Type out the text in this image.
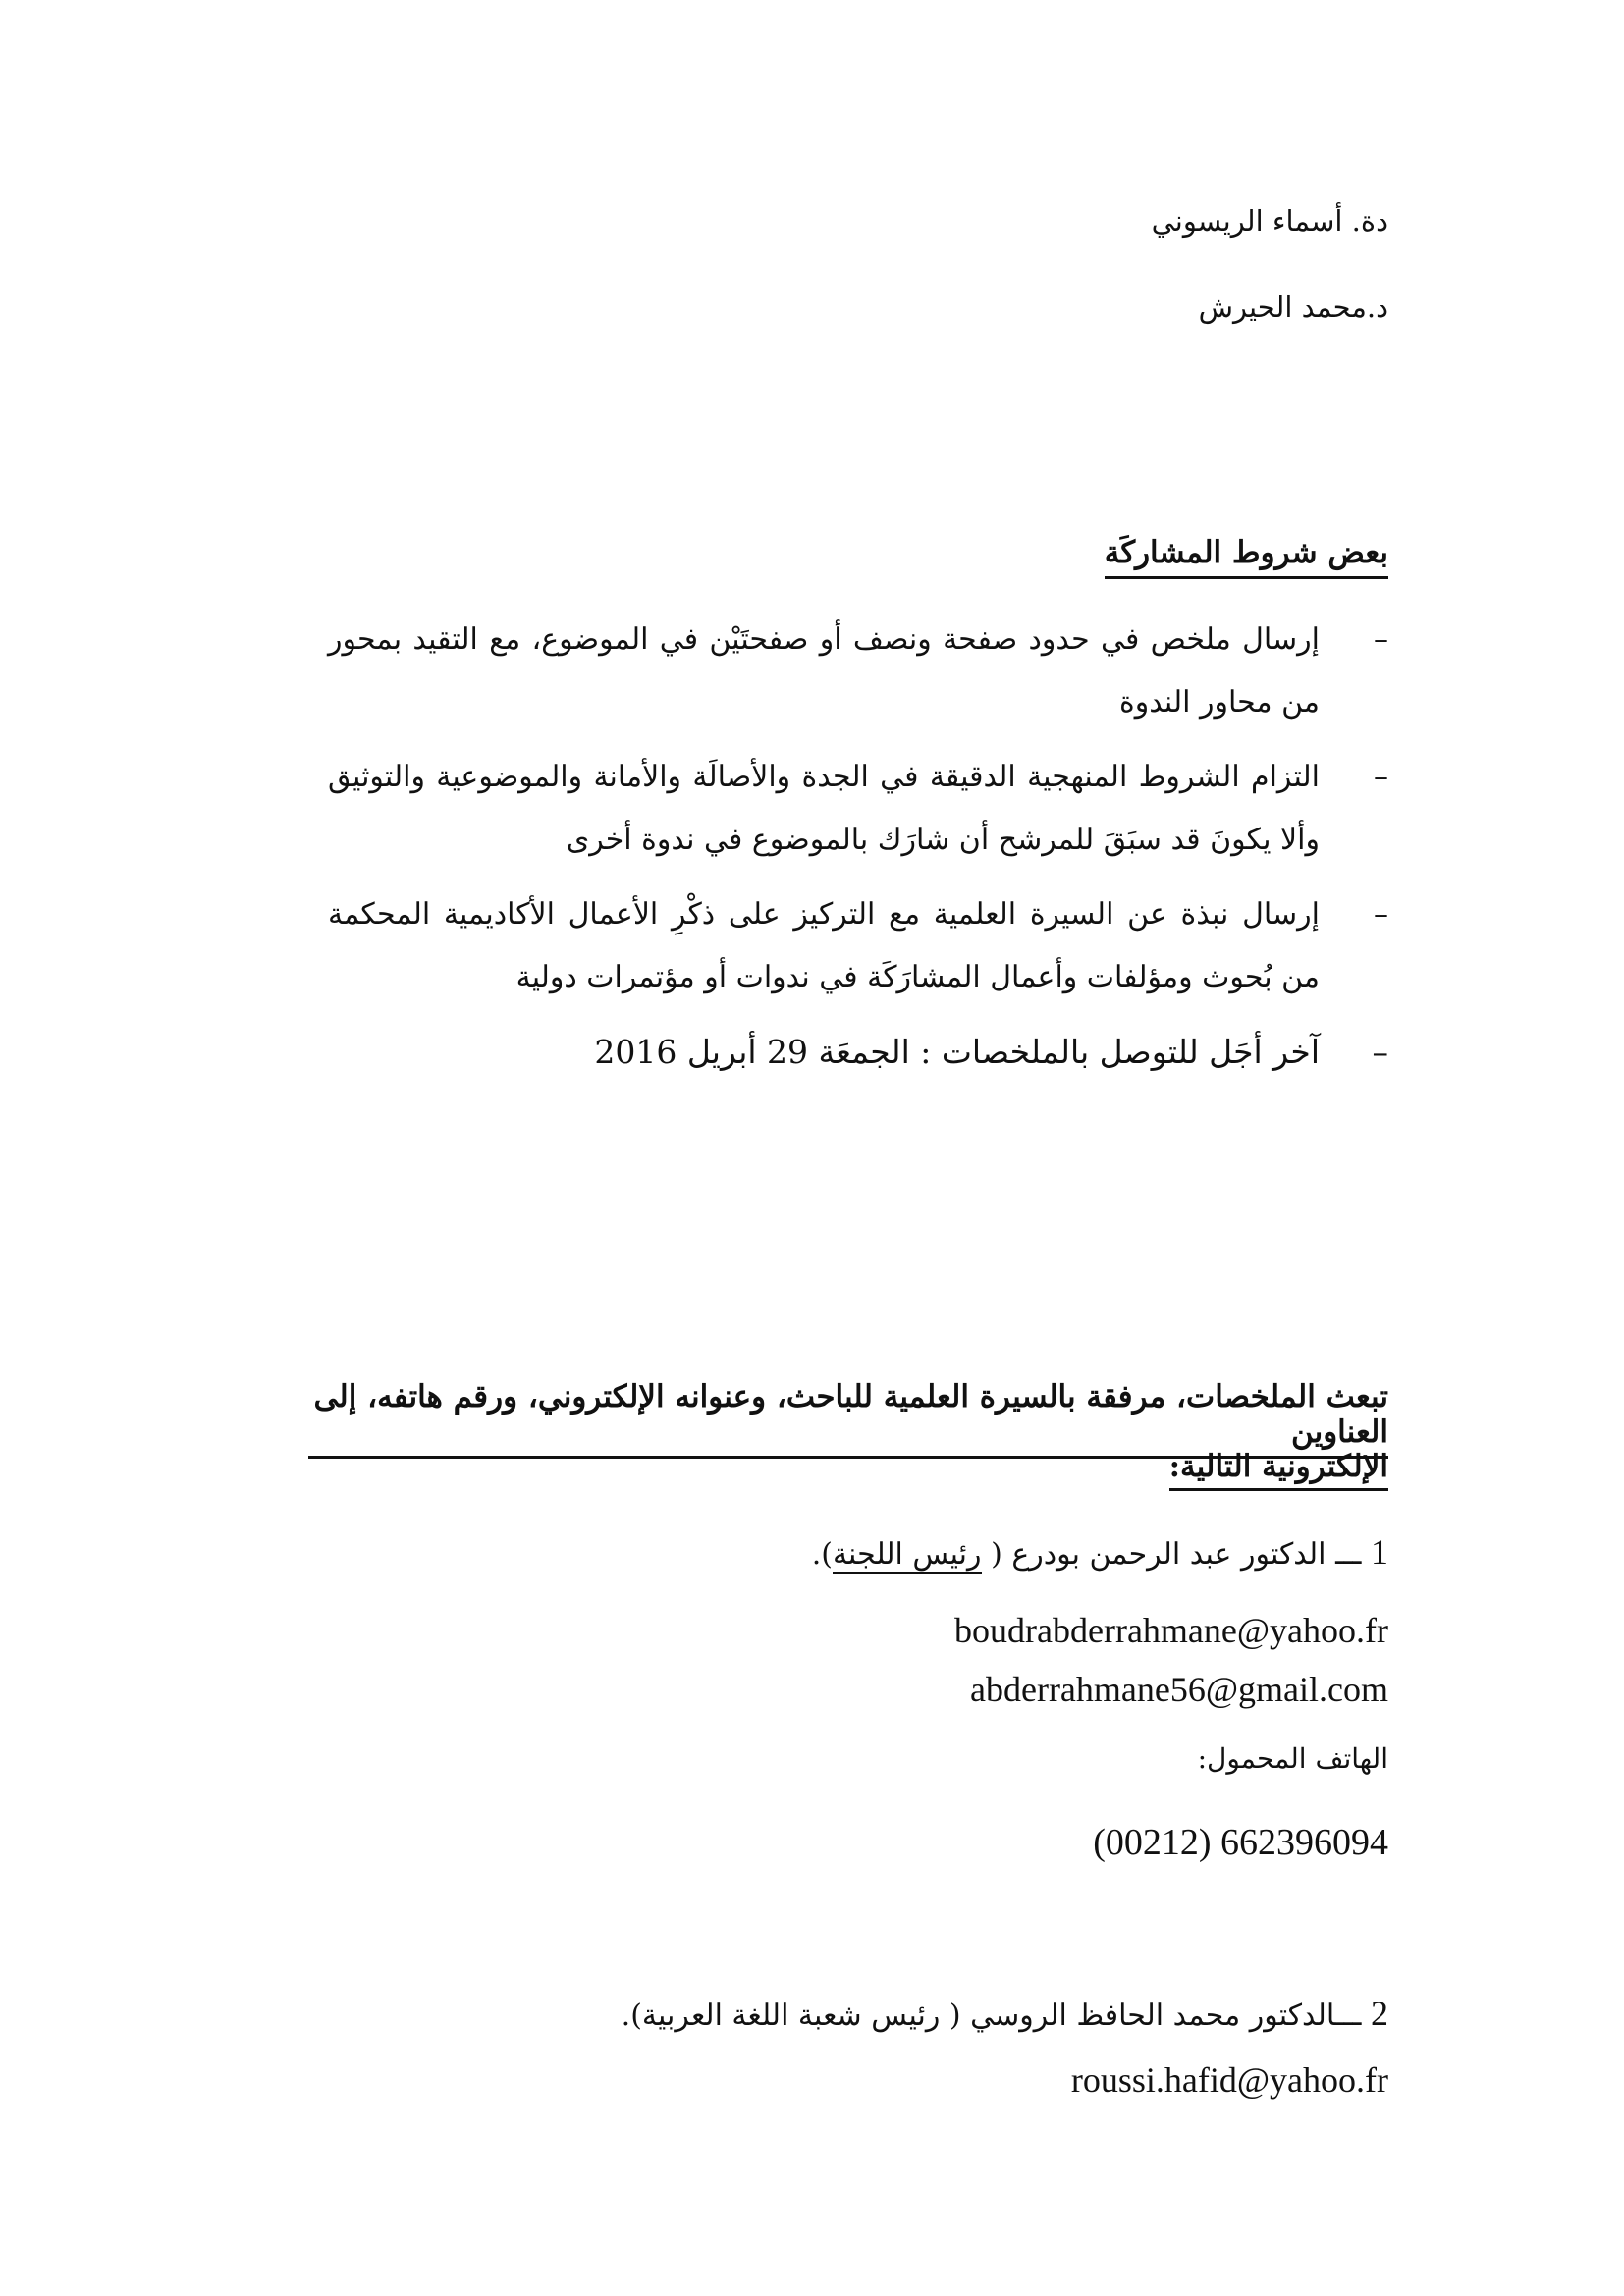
دة. أسماء الريسوني
د.محمد الحيرش
بعض شروط المشاركَة
–
إرسال ملخص في حدود صفحة ونصف أو صفحتَيْن في الموضوع، مع التقيد بمحور من محاور الندوة
–
التزام الشروط المنهجية الدقيقة في الجدة والأصالَة والأمانة والموضوعية والتوثيق وألا يكونَ قد سبَقَ للمرشح أن شارَك بالموضوع في ندوة أخرى
–
إرسال نبذة عن السيرة العلمية مع التركيز على ذكْرِ الأعمال الأكاديمية المحكمة من بُحوث ومؤلفات وأعمال المشارَكَة في ندوات أو مؤتمرات دولية
–
آخر أجَل للتوصل بالملخصات : الجمعَة 29 أبريل 2016
تبعث الملخصات، مرفقة بالسيرة العلمية للباحث، وعنوانه الإلكتروني، ورقم هاتفه، إلى العناوين
الإلكترونية التالية:
1 ـــ الدكتور عبد الرحمن بودرع ( رئيس اللجنة).
boudrabderrahmane@yahoo.fr
abderrahmane56@gmail.com
الهاتف المحمول:
(00212) 662396094
2 ـــالدكتور محمد الحافظ الروسي ( رئيس شعبة اللغة العربية).
roussi.hafid@yahoo.fr
